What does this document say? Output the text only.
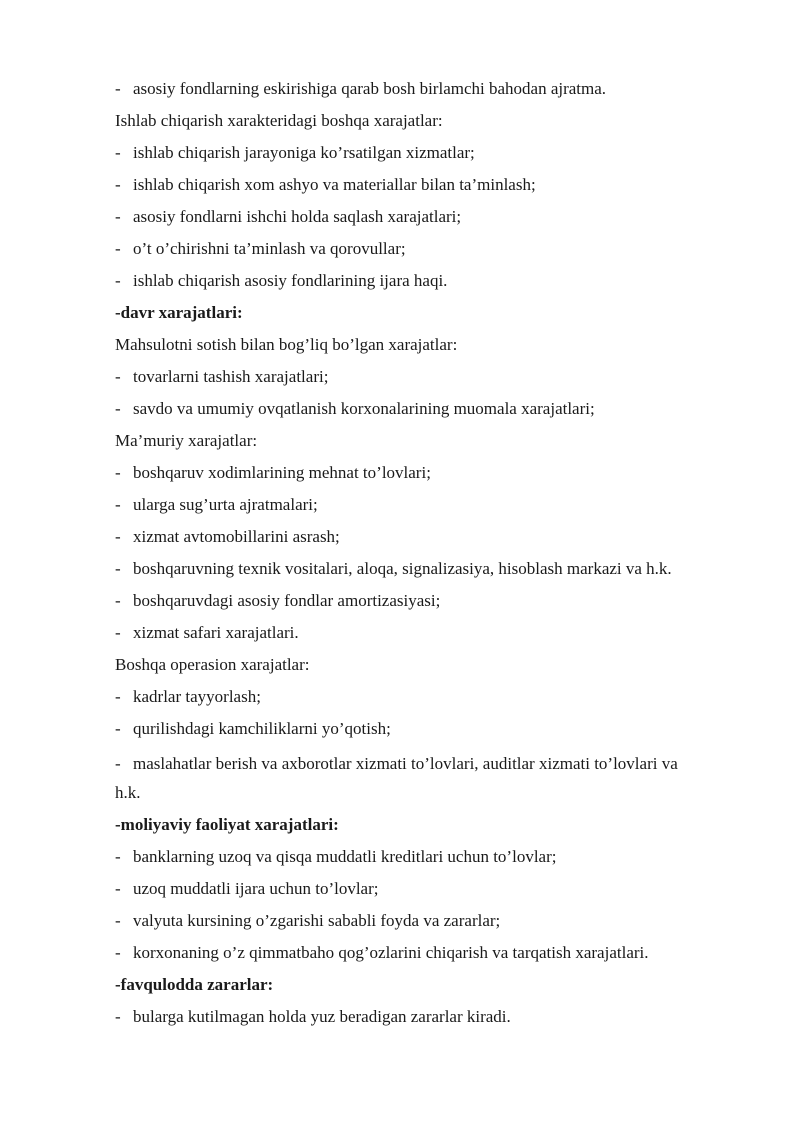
- asosiy fondlarning eskirishiga qarab bosh birlamchi bahodan ajratma.
Ishlab chiqarish xarakteridagi boshqa xarajatlar:
- ishlab chiqarish jarayoniga ko’rsatilgan xizmatlar;
- ishlab chiqarish xom ashyo va materiallar bilan ta’minlash;
- asosiy fondlarni ishchi holda saqlash xarajatlari;
- o’t o’chirishni ta’minlash va qorovullar;
- ishlab chiqarish asosiy fondlarining ijara haqi.
-davr xarajatlari:
Mahsulotni sotish bilan bog’liq bo’lgan xarajatlar:
- tovarlarni tashish xarajatlari;
- savdo va umumiy ovqatlanish korxonalarining muomala xarajatlari;
Ma’muriy xarajatlar:
- boshqaruv xodimlarining mehnat to’lovlari;
- ularga sug’urta ajratmalari;
- xizmat avtomobillarini asrash;
- boshqaruvning texnik vositalari, aloqa, signalizasiya, hisoblash markazi va h.k.
- boshqaruvdagi asosiy fondlar amortizasiyasi;
- xizmat safari xarajatlari.
Boshqa operasion xarajatlar:
- kadrlar tayyorlash;
- qurilishdagi kamchiliklarni yo’qotish;
- maslahatlar berish va axborotlar xizmati to’lovlari, auditlar xizmati to’lovlari va
h.k.
-moliyaviy faoliyat xarajatlari:
- banklarning uzoq va qisqa muddatli kreditlari uchun to’lovlar;
- uzoq muddatli ijara uchun to’lovlar;
- valyuta kursining o’zgarishi sababli foyda va zararlar;
- korxonaning o’z qimmatbaho qog’ozlarini chiqarish va tarqatish xarajatlari.
-favqulodda zararlar:
- bularga kutilmagan holda yuz beradigan zararlar kiradi.
